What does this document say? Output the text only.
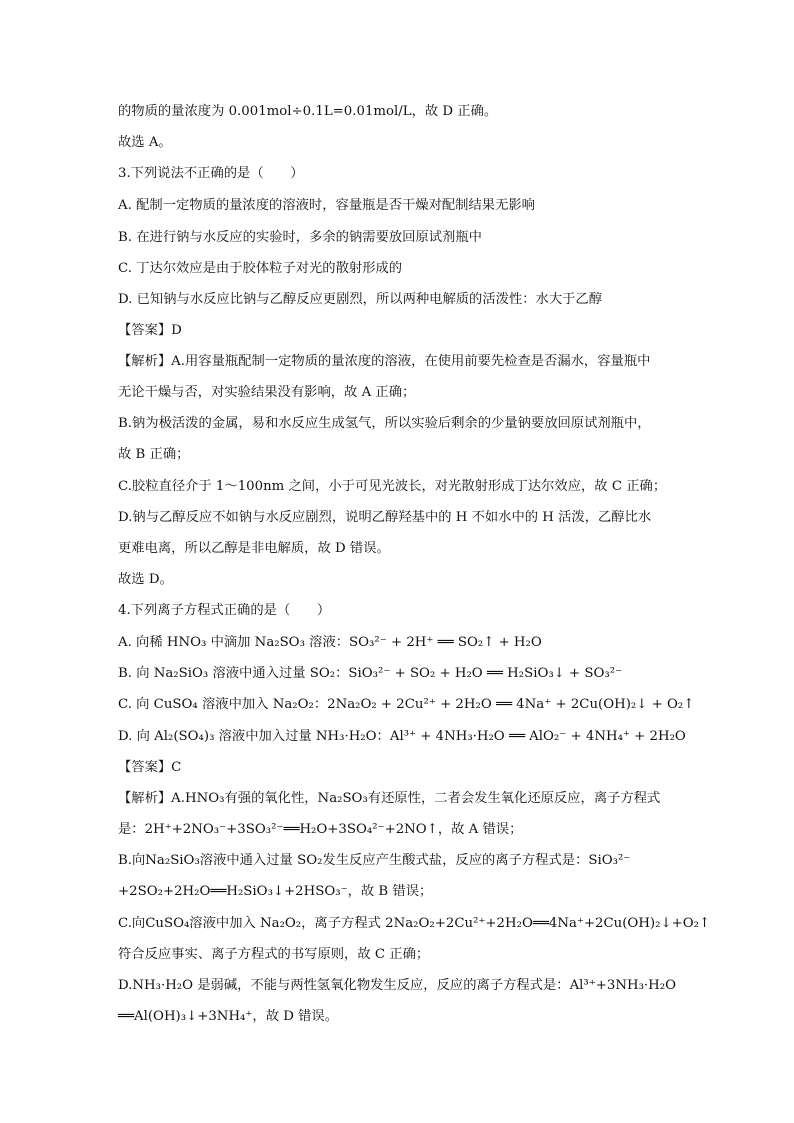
的物质的量浓度为 0.001mol÷0.1L=0.01mol/L，故 D 正确。
故选 A。
3.下列说法不正确的是（　　）
A. 配制一定物质的量浓度的溶液时，容量瓶是否干燥对配制结果无影响
B. 在进行钠与水反应的实验时，多余的钠需要放回原试剂瓶中
C. 丁达尔效应是由于胶体粒子对光的散射形成的
D. 已知钠与水反应比钠与乙醇反应更剧烈，所以两种电解质的活泼性：水大于乙醇
【答案】D
【解析】A.用容量瓶配制一定物质的量浓度的溶液，在使用前要先检查是否漏水，容量瓶中
无论干燥与否，对实验结果没有影响，故 A 正确；
B.钠为极活泼的金属，易和水反应生成氢气，所以实验后剩余的少量钠要放回原试剂瓶中，
故 B 正确；
C.胶粒直径介于 1～100nm 之间，小于可见光波长，对光散射形成丁达尔效应，故 C 正确；
D.钠与乙醇反应不如钠与水反应剧烈，说明乙醇羟基中的 H 不如水中的 H 活泼，乙醇比水
更难电离，所以乙醇是非电解质，故 D 错误。
故选 D。
4.下列离子方程式正确的是（　　）
A. 向稀 HNO₃ 中滴加 Na₂SO₃ 溶液：SO₃²⁻ + 2H⁺ ══ SO₂↑ + H₂O
B. 向 Na₂SiO₃ 溶液中通入过量 SO₂：SiO₃²⁻ + SO₂ + H₂O ══ H₂SiO₃↓ + SO₃²⁻
C. 向 CuSO₄ 溶液中加入 Na₂O₂：2Na₂O₂ + 2Cu²⁺ + 2H₂O ══ 4Na⁺ + 2Cu(OH)₂↓ + O₂↑
D. 向 Al₂(SO₄)₃ 溶液中加入过量 NH₃·H₂O：Al³⁺ + 4NH₃·H₂O ══ AlO₂⁻ + 4NH₄⁺ + 2H₂O
【答案】C
【解析】A.HNO₃有强的氧化性，Na₂SO₃有还原性，二者会发生氧化还原反应，离子方程式
是：2H⁺+2NO₃⁻+3SO₃²⁻══H₂O+3SO₄²⁻+2NO↑，故 A 错误；
B.向Na₂SiO₃溶液中通入过量 SO₂发生反应产生酸式盐，反应的离子方程式是：SiO₃²⁻
+2SO₂+2H₂O══H₂SiO₃↓+2HSO₃⁻，故 B 错误；
C.向CuSO₄溶液中加入 Na₂O₂，离子方程式 2Na₂O₂+2Cu²⁺+2H₂O══4Na⁺+2Cu(OH)₂↓+O₂↑
符合反应事实、离子方程式的书写原则，故 C 正确；
D.NH₃·H₂O 是弱碱，不能与两性氢氧化物发生反应，反应的离子方程式是：Al³⁺+3NH₃·H₂O
══Al(OH)₃↓+3NH₄⁺，故 D 错误。
